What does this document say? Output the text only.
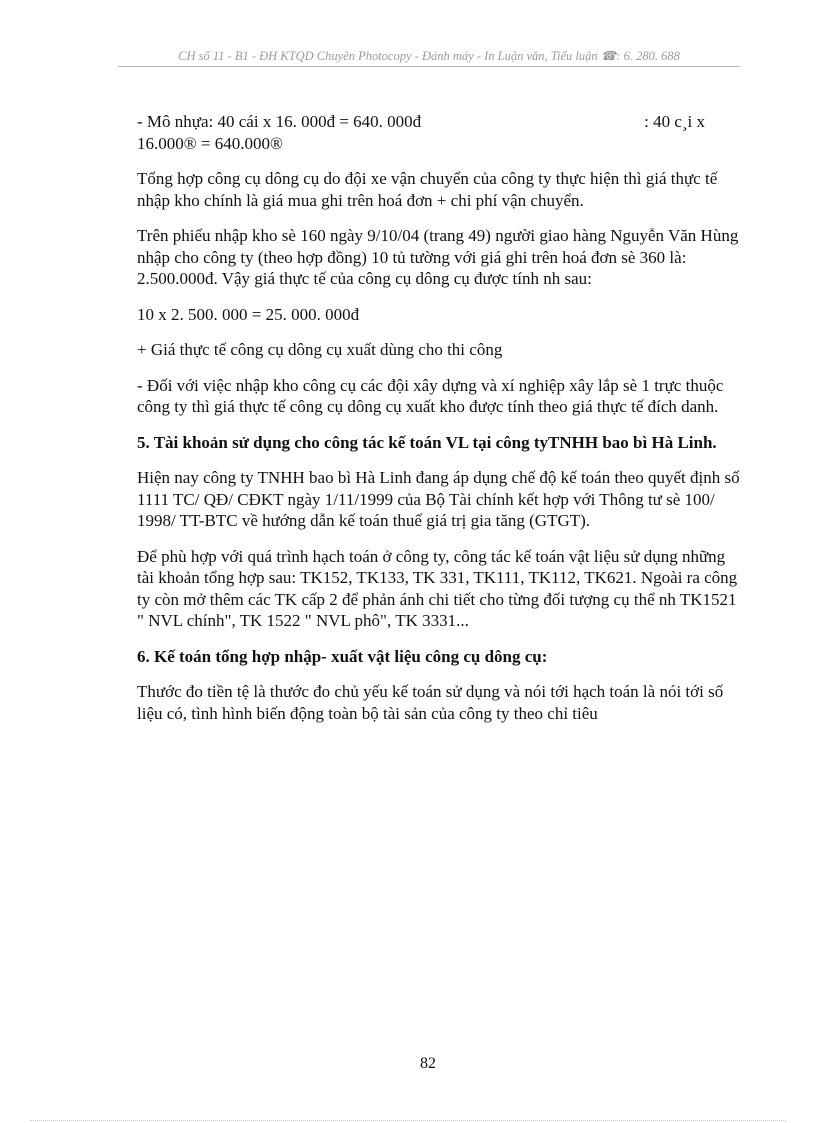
CH số 11 - B1 - ĐH KTQD Chuyên Photocopy - Đánh máy - In Luận văn, Tiểu luận ☎: 6. 280. 688
- Mô nhựa: 40 cái x 16. 000đ = 640. 000đ	: 40 c¸i x
16.000® = 640.000®
Tổng hợp công cụ dông cụ do đội xe vận chuyển của công ty thực hiện thì giá thực tế nhập kho chính là giá mua ghi trên hoá đơn + chi phí vận chuyển.
Trên phiếu nhập kho sè 160 ngày 9/10/04 (trang 49) người giao hàng Nguyễn Văn Hùng nhập cho công ty (theo hợp đồng) 10 tủ tường với giá ghi trên hoá đơn sè 360 là: 2.500.000đ. Vậy giá thực tế của công cụ dông cụ được tính nh sau:
10 x 2. 500. 000 = 25. 000. 000đ
+ Giá thực tế công cụ dông cụ xuất dùng cho thi công
- Đối với việc nhập kho công cụ các đội xây dựng và xí nghiệp xây lắp sè 1 trực thuộc công ty thì giá thực tế công cụ dông cụ xuất kho được tính theo giá thực tế đích danh.
5. Tài khoản sử dụng cho công tác kế toán VL tại công tyTNHH bao bì Hà Linh.
Hiện nay công ty TNHH bao bì Hà Linh đang áp dụng chế độ kế toán theo quyết định số 1111 TC/ QĐ/ CĐKT ngày 1/11/1999 của Bộ Tài chính kết hợp với Thông tư sè 100/ 1998/ TT-BTC về hướng dẫn kế toán thuế giá trị gia tăng (GTGT).
Để phù hợp với quá trình hạch toán ở công ty, công tác kế toán vật liệu sử dụng những tài khoản tổng hợp sau: TK152, TK133, TK 331, TK111, TK112, TK621. Ngoài ra công ty còn mở thêm các TK cấp 2 để phản ánh chi tiết cho từng đối tượng cụ thể nh TK1521 " NVL chính", TK 1522 " NVL phô", TK 3331...
6. Kế toán tổng hợp nhập- xuất vật liệu công cụ dông cụ:
Thước đo tiền tệ là thước đo chủ yếu kế toán sử dụng và nói tới hạch toán là nói tới số liệu có, tình hình biến động toàn bộ tài sản của công ty theo chỉ tiêu
82
